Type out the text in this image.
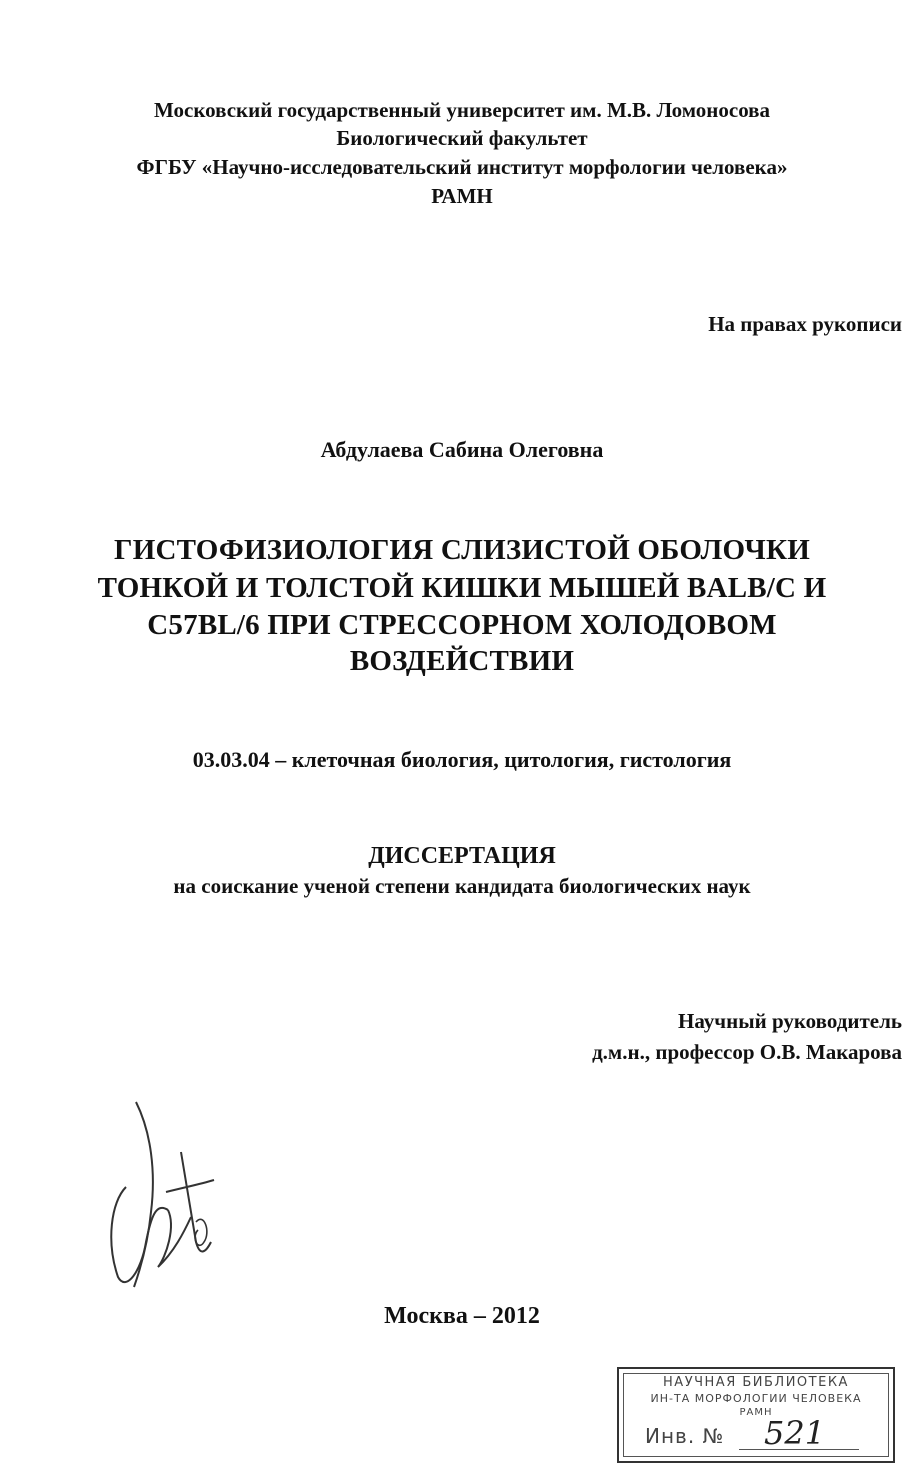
Московский государственный университет им. М.В. Ломоносова
Биологический факультет
ФГБУ «Научно-исследовательский институт морфологии человека»
РАМН
На правах рукописи
Абдулаева Сабина Олеговна
ГИСТОФИЗИОЛОГИЯ СЛИЗИСТОЙ ОБОЛОЧКИ
ТОНКОЙ И ТОЛСТОЙ КИШКИ МЫШЕЙ BALB/C И
C57BL/6 ПРИ СТРЕССОРНОМ ХОЛОДОВОМ
ВОЗДЕЙСТВИИ
03.03.04 – клеточная биология, цитология, гистология
ДИССЕРТАЦИЯ
на соискание ученой степени кандидата биологических наук
Научный руководитель
д.м.н., профессор О.В. Макарова
Москва – 2012
НАУЧНАЯ БИБЛИОТЕКА
ИН-ТА МОРФОЛОГИИ ЧЕЛОВЕКА
РАМН
Инв. № 521
